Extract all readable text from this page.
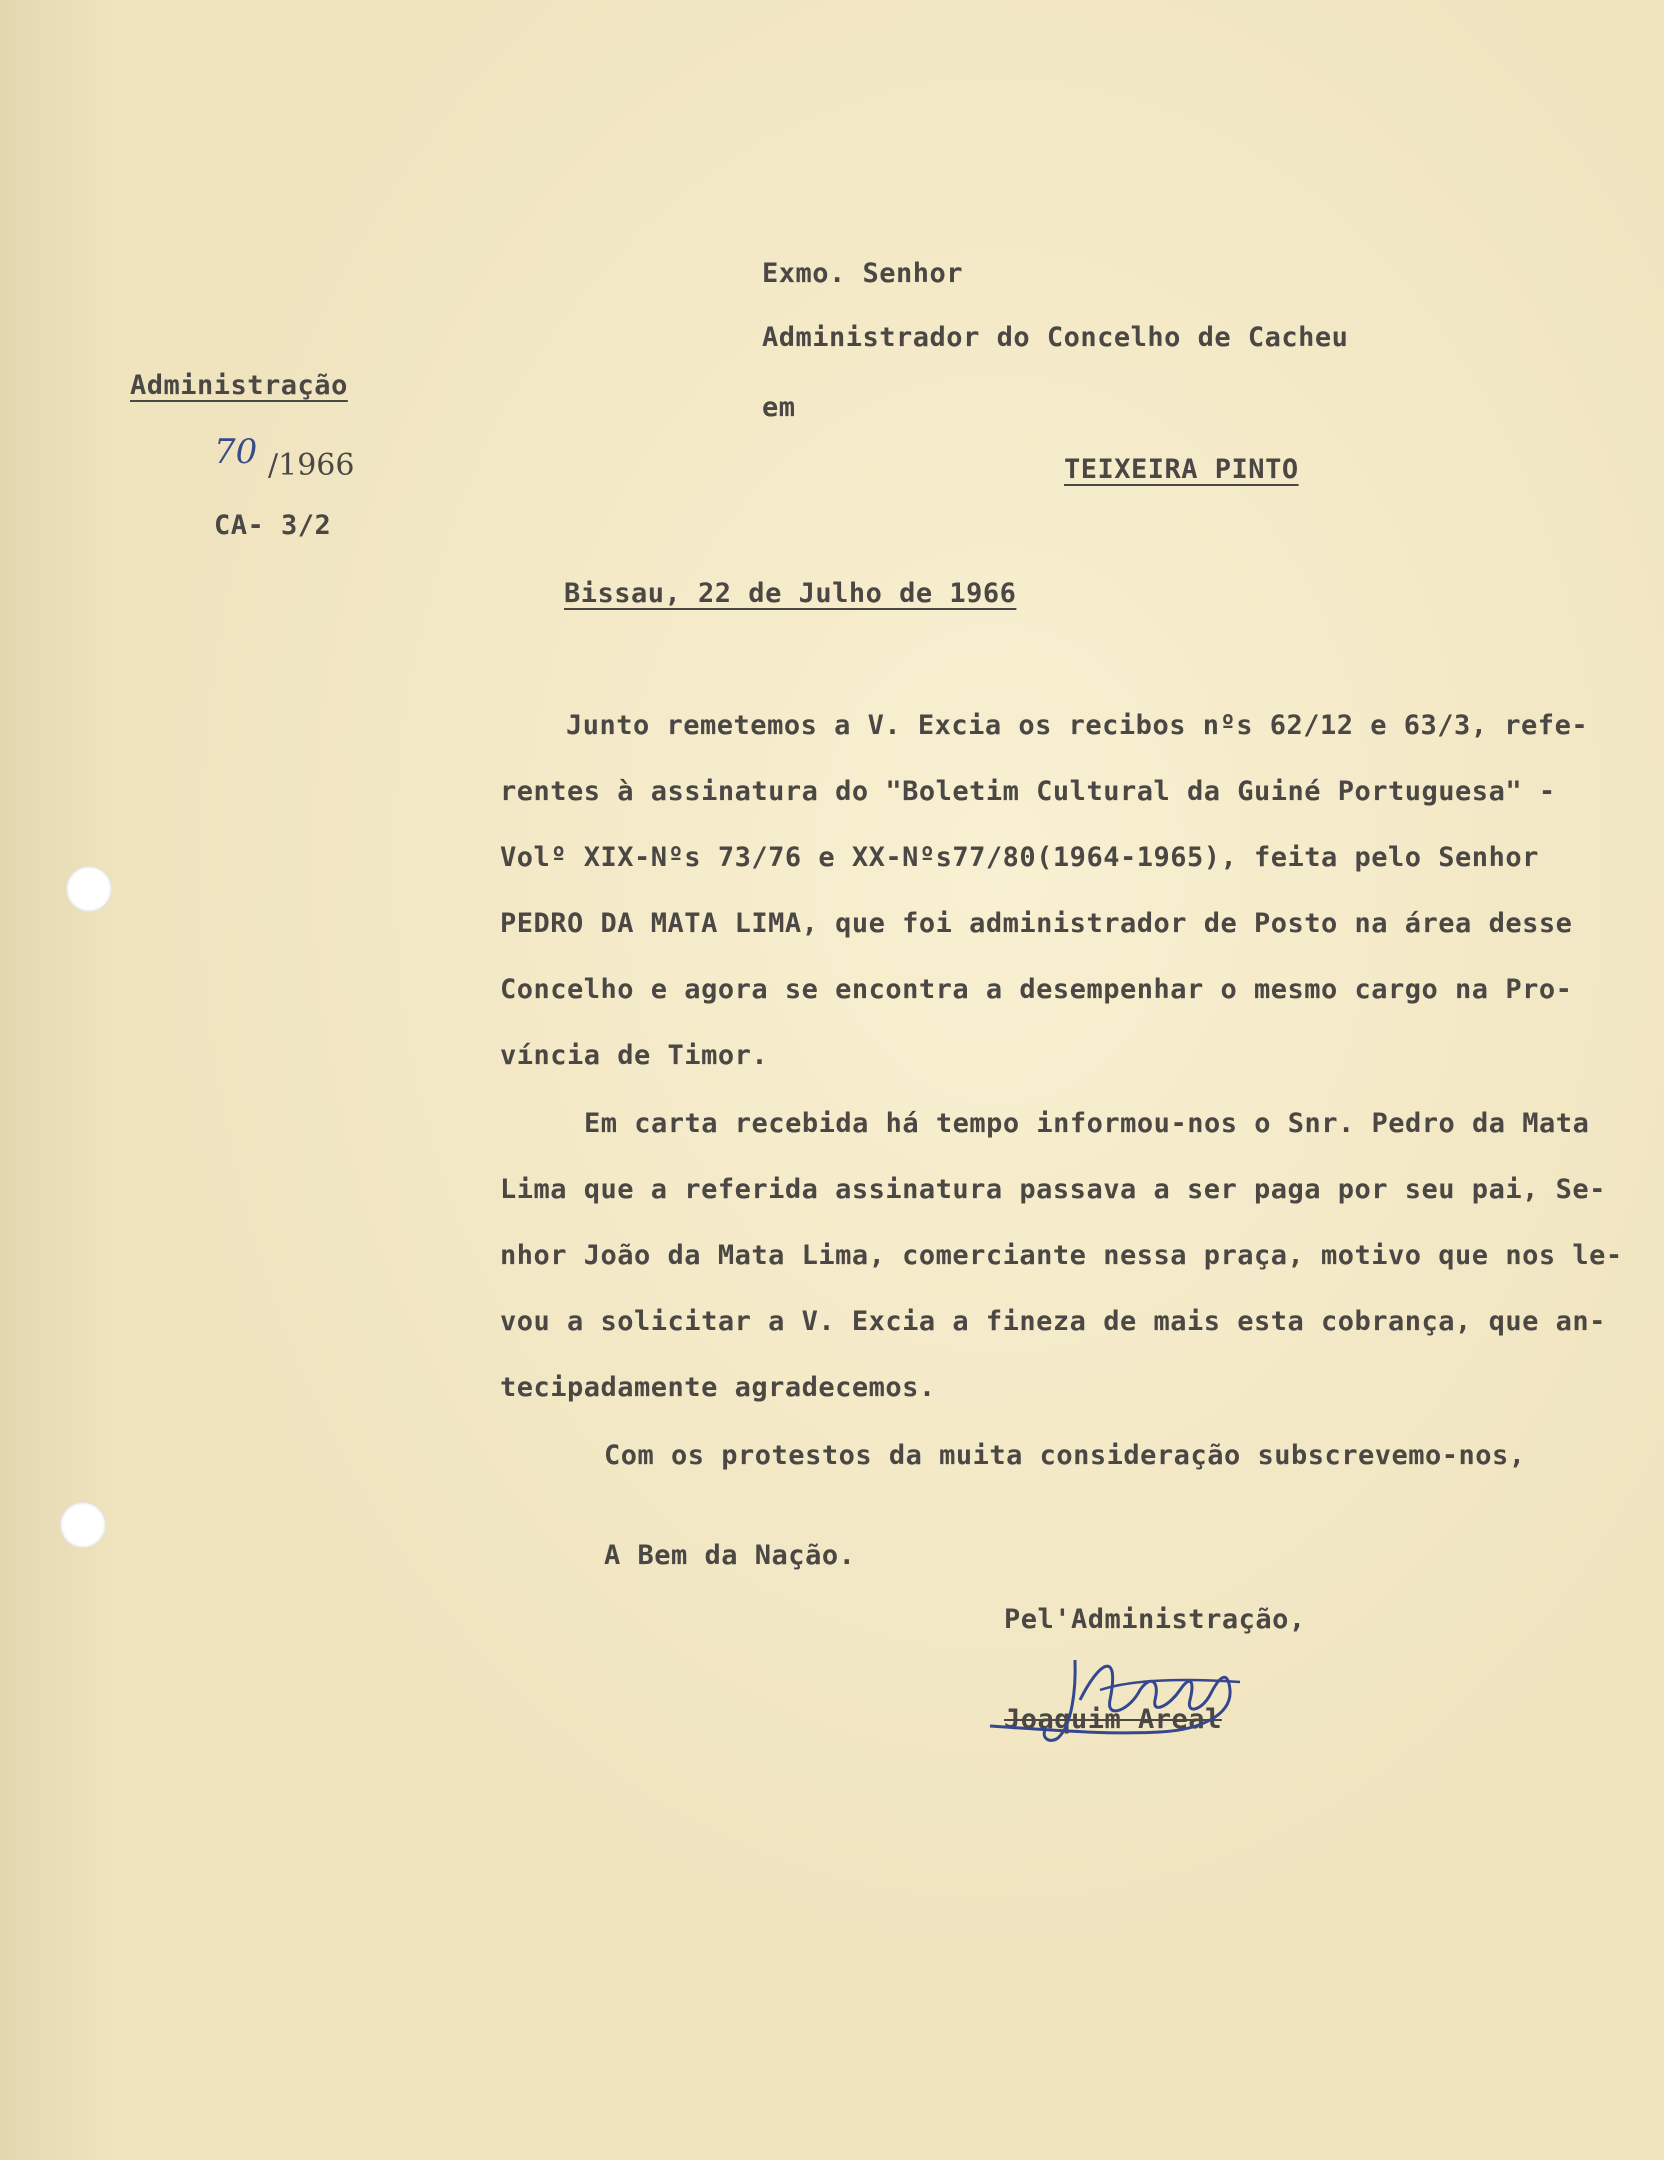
Exmo. Senhor
Administrador do Concelho de Cacheu
em
TEIXEIRA PINTO
Administração
70 /1966
CA- 3/2
Bissau, 22 de Julho de 1966
Junto remetemos a V. Excia os recibos nºs 62/12 e 63/3, refe-
rentes à assinatura do "Boletim Cultural da Guiné Portuguesa" -
Volº XIX-Nºs 73/76 e XX-Nºs77/80(1964-1965), feita pelo Senhor
PEDRO DA MATA LIMA, que foi administrador de Posto na área desse
Concelho e agora se encontra a desempenhar o mesmo cargo na Pro-
víncia de Timor.
Em carta recebida há tempo informou-nos o Snr. Pedro da Mata
Lima que a referida assinatura passava a ser paga por seu pai, Se-
nhor João da Mata Lima, comerciante nessa praça, motivo que nos le-
vou a solicitar a V. Excia a fineza de mais esta cobrança, que an-
tecipadamente agradecemos.
Com os protestos da muita consideração subscrevemo-nos,
A Bem da Nação.
Pel'Administração,
Joaquim Areal
